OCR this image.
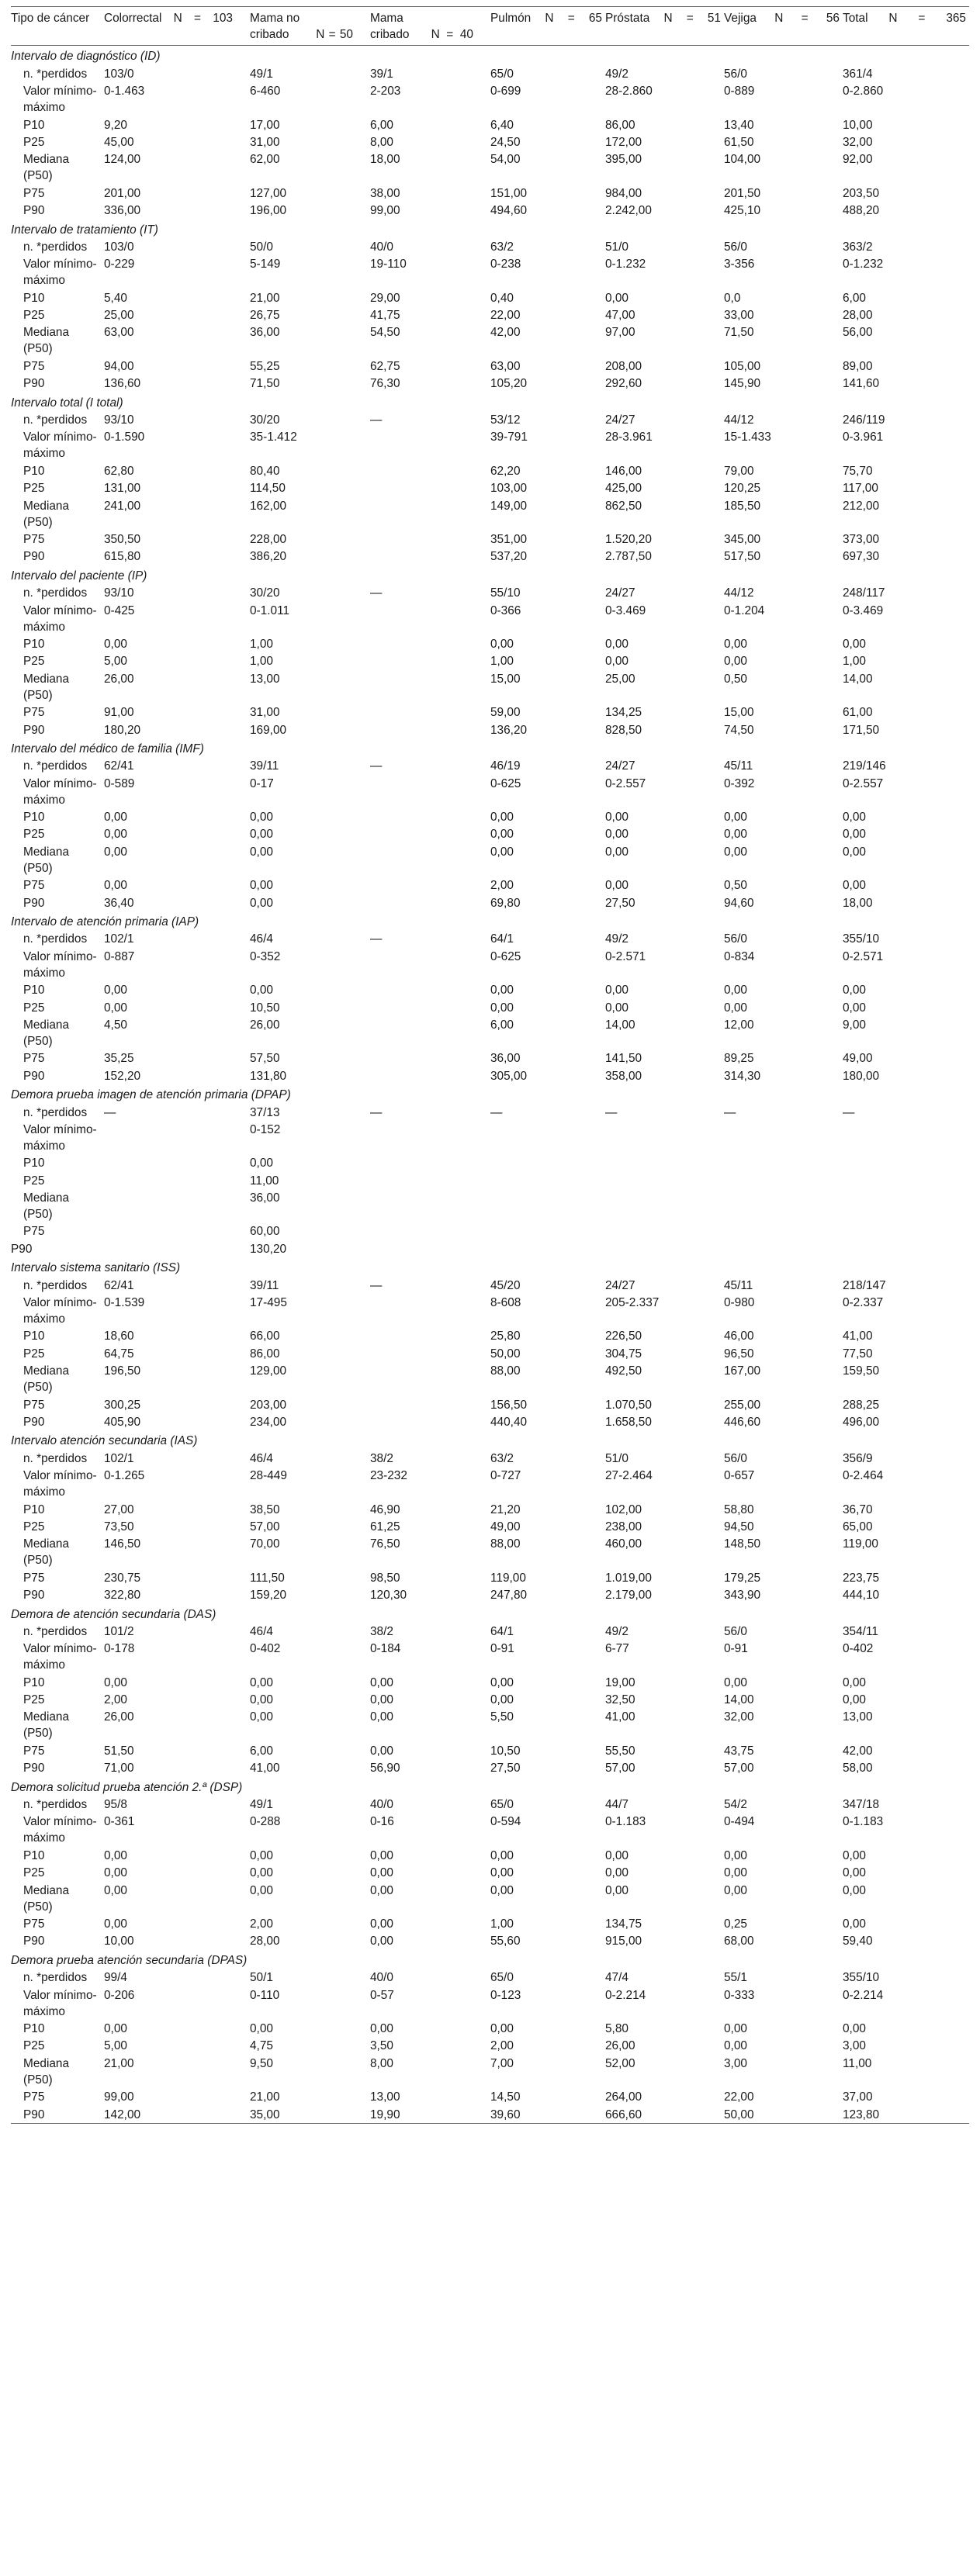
Tipo de cáncer	Colorrectal N = 103	Mama no cribado N = 50	Mama cribado N = 40	Pulmón N = 65	Próstata N = 51	Vejiga N = 56	Total N = 365

Intervalo de diagnóstico (ID)							
n. *perdidos	103/0	49/1	39/1	65/0	49/2	56/0	361/4
Valor mínimo-máximo	0-1.463	6-460	2-203	0-699	28-2.860	0-889	0-2.860
P10	9,20	17,00	6,00	6,40	86,00	13,40	10,00
P25	45,00	31,00	8,00	24,50	172,00	61,50	32,00
Mediana (P50)	124,00	62,00	18,00	54,00	395,00	104,00	92,00
P75	201,00	127,00	38,00	151,00	984,00	201,50	203,50
P90	336,00	196,00	99,00	494,60	2.242,00	425,10	488,20
Intervalo de tratamiento (IT)							
n. *perdidos	103/0	50/0	40/0	63/2	51/0	56/0	363/2
Valor mínimo-máximo	0-229	5-149	19-110	0-238	0-1.232	3-356	0-1.232
P10	5,40	21,00	29,00	0,40	0,00	0,0	6,00
P25	25,00	26,75	41,75	22,00	47,00	33,00	28,00
Mediana (P50)	63,00	36,00	54,50	42,00	97,00	71,50	56,00
P75	94,00	55,25	62,75	63,00	208,00	105,00	89,00
P90	136,60	71,50	76,30	105,20	292,60	145,90	141,60
Intervalo total (I total)							
n. *perdidos	93/10	30/20	—	53/12	24/27	44/12	246/119
Valor mínimo-máximo	0-1.590	35-1.412		39-791	28-3.961	15-1.433	0-3.961
P10	62,80	80,40		62,20	146,00	79,00	75,70
P25	131,00	114,50		103,00	425,00	120,25	117,00
Mediana (P50)	241,00	162,00		149,00	862,50	185,50	212,00
P75	350,50	228,00		351,00	1.520,20	345,00	373,00
P90	615,80	386,20		537,20	2.787,50	517,50	697,30
Intervalo del paciente (IP)							
n. *perdidos	93/10	30/20	—	55/10	24/27	44/12	248/117
Valor mínimo-máximo	0-425	0-1.011		0-366	0-3.469	0-1.204	0-3.469
P10	0,00	1,00		0,00	0,00	0,00	0,00
P25	5,00	1,00		1,00	0,00	0,00	1,00
Mediana (P50)	26,00	13,00		15,00	25,00	0,50	14,00
P75	91,00	31,00		59,00	134,25	15,00	61,00
P90	180,20	169,00		136,20	828,50	74,50	171,50
Intervalo del médico de familia (IMF)							
n. *perdidos	62/41	39/11	—	46/19	24/27	45/11	219/146
Valor mínimo-máximo	0-589	0-17		0-625	0-2.557	0-392	0-2.557
P10	0,00	0,00		0,00	0,00	0,00	0,00
P25	0,00	0,00		0,00	0,00	0,00	0,00
Mediana (P50)	0,00	0,00		0,00	0,00	0,00	0,00
P75	0,00	0,00		2,00	0,00	0,50	0,00
P90	36,40	0,00		69,80	27,50	94,60	18,00
Intervalo de atención primaria (IAP)							
n. *perdidos	102/1	46/4	—	64/1	49/2	56/0	355/10
Valor mínimo-máximo	0-887	0-352		0-625	0-2.571	0-834	0-2.571
P10	0,00	0,00		0,00	0,00	0,00	0,00
P25	0,00	10,50		0,00	0,00	0,00	0,00
Mediana (P50)	4,50	26,00		6,00	14,00	12,00	9,00
P75	35,25	57,50		36,00	141,50	89,25	49,00
P90	152,20	131,80		305,00	358,00	314,30	180,00
Demora prueba imagen de atención primaria (DPAP)							
n. *perdidos	—	37/13	—	—	—	—	—
Valor mínimo-máximo		0-152					
P10		0,00					
P25		11,00					
Mediana (P50)		36,00					
P75		60,00					
P90		130,20					
Intervalo sistema sanitario (ISS)							
n. *perdidos	62/41	39/11	—	45/20	24/27	45/11	218/147
Valor mínimo-máximo	0-1.539	17-495		8-608	205-2.337	0-980	0-2.337
P10	18,60	66,00		25,80	226,50	46,00	41,00
P25	64,75	86,00		50,00	304,75	96,50	77,50
Mediana (P50)	196,50	129,00		88,00	492,50	167,00	159,50
P75	300,25	203,00		156,50	1.070,50	255,00	288,25
P90	405,90	234,00		440,40	1.658,50	446,60	496,00
Intervalo atención secundaria (IAS)							
n. *perdidos	102/1	46/4	38/2	63/2	51/0	56/0	356/9
Valor mínimo-máximo	0-1.265	28-449	23-232	0-727	27-2.464	0-657	0-2.464
P10	27,00	38,50	46,90	21,20	102,00	58,80	36,70
P25	73,50	57,00	61,25	49,00	238,00	94,50	65,00
Mediana (P50)	146,50	70,00	76,50	88,00	460,00	148,50	119,00
P75	230,75	111,50	98,50	119,00	1.019,00	179,25	223,75
P90	322,80	159,20	120,30	247,80	2.179,00	343,90	444,10
Demora de atención secundaria (DAS)							
n. *perdidos	101/2	46/4	38/2	64/1	49/2	56/0	354/11
Valor mínimo-máximo	0-178	0-402	0-184	0-91	6-77	0-91	0-402
P10	0,00	0,00	0,00	0,00	19,00	0,00	0,00
P25	2,00	0,00	0,00	0,00	32,50	14,00	0,00
Mediana (P50)	26,00	0,00	0,00	5,50	41,00	32,00	13,00
P75	51,50	6,00	0,00	10,50	55,50	43,75	42,00
P90	71,00	41,00	56,90	27,50	57,00	57,00	58,00
Demora solicitud prueba atención 2.ª (DSP)							
n. *perdidos	95/8	49/1	40/0	65/0	44/7	54/2	347/18
Valor mínimo-máximo	0-361	0-288	0-16	0-594	0-1.183	0-494	0-1.183
P10	0,00	0,00	0,00	0,00	0,00	0,00	0,00
P25	0,00	0,00	0,00	0,00	0,00	0,00	0,00
Mediana (P50)	0,00	0,00	0,00	0,00	0,00	0,00	0,00
P75	0,00	2,00	0,00	1,00	134,75	0,25	0,00
P90	10,00	28,00	0,00	55,60	915,00	68,00	59,40
Demora prueba atención secundaria (DPAS)							
n. *perdidos	99/4	50/1	40/0	65/0	47/4	55/1	355/10
Valor mínimo-máximo	0-206	0-110	0-57	0-123	0-2.214	0-333	0-2.214
P10	0,00	0,00	0,00	0,00	5,80	0,00	0,00
P25	5,00	4,75	3,50	2,00	26,00	0,00	3,00
Mediana (P50)	21,00	9,50	8,00	7,00	52,00	3,00	11,00
P75	99,00	21,00	13,00	14,50	264,00	22,00	37,00
P90	142,00	35,00	19,90	39,60	666,60	50,00	123,80
